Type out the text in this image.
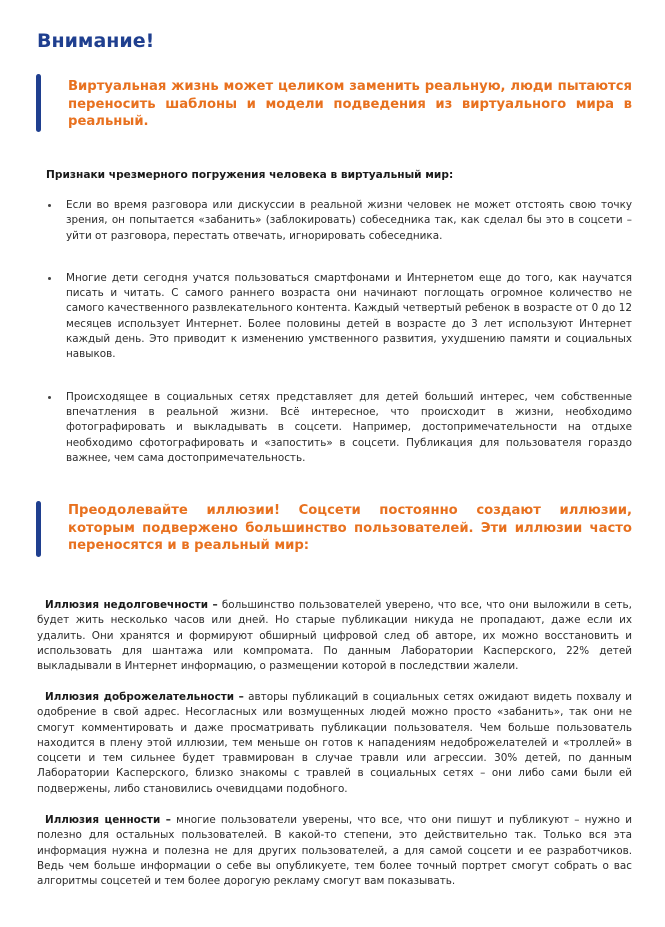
Внимание!

Виртуальная жизнь может целиком заменить реальную, люди пытаются переносить шаблоны и модели подведения из виртуального мира в реальный.

Признаки чрезмерного погружения человека в виртуальный мир:

Если во время разговора или дискуссии в реальной жизни человек не может отстоять свою точку зрения, он попытается «забанить» (заблокировать) собеседника так, как сделал бы это в соцсети – уйти от разговора, перестать отвечать, игнорировать собеседника.

Многие дети сегодня учатся пользоваться смартфонами и Интернетом еще до того, как научатся писать и читать. С самого раннего возраста они начинают поглощать огромное количество не самого качественного развлекательного контента. Каждый четвертый ребенок в возрасте от 0 до 12 месяцев использует Интернет. Более половины детей в возрасте до 3 лет используют Интернет каждый день. Это приводит к изменению умственного развития, ухудшению памяти и социальных навыков.

Происходящее в социальных сетях представляет для детей больший интерес, чем собственные впечатления в реальной жизни. Всё интересное, что происходит в жизни, необходимо фотографировать и выкладывать в соцсети. Например, достопримечательности на отдыхе необходимо сфотографировать и «запостить» в соцсети. Публикация для пользователя гораздо важнее, чем сама достопримечательность.

Преодолевайте иллюзии! Соцсети постоянно создают иллюзии, которым подвержено большинство пользователей. Эти иллюзии часто переносятся и в реальный мир:

Иллюзия недолговечности – большинство пользователей уверено, что все, что они выложили в сеть, будет жить несколько часов или дней. Но старые публикации никуда не пропадают, даже если их удалить. Они хранятся и формируют обширный цифровой след об авторе, их можно восстановить и использовать для шантажа или компромата. По данным Лаборатории Касперского, 22% детей выкладывали в Интернет информацию, о размещении которой в последствии жалели.

Иллюзия доброжелательности – авторы публикаций в социальных сетях ожидают видеть похвалу и одобрение в свой адрес. Несогласных или возмущенных людей можно просто «забанить», так они не смогут комментировать и даже просматривать публикации пользователя. Чем больше пользователь находится в плену этой иллюзии, тем меньше он готов к нападениям недоброжелателей и «троллей» в соцсети и тем сильнее будет травмирован в случае травли или агрессии. 30% детей, по данным Лаборатории Касперского, близко знакомы с травлей в социальных сетях – они либо сами были ей подвержены, либо становились очевидцами подобного.

Иллюзия ценности – многие пользователи уверены, что все, что они пишут и публикуют – нужно и полезно для остальных пользователей. В какой-то степени, это действительно так. Только вся эта информация нужна и полезна не для других пользователей, а для самой соцсети и ее разработчиков. Ведь чем больше информации о себе вы опубликуете, тем более точный портрет смогут собрать о вас алгоритмы соцсетей и тем более дорогую рекламу смогут вам показывать.
